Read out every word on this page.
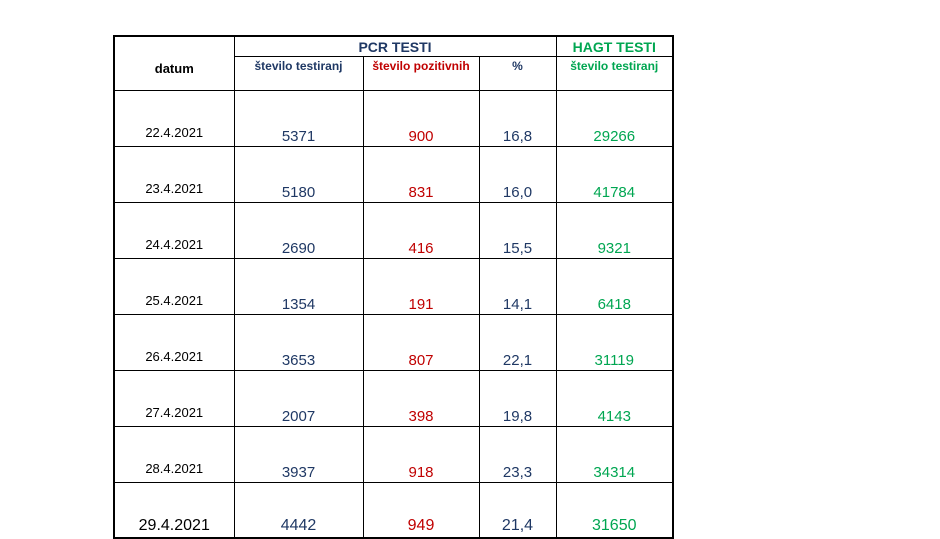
datum	PCR TESTI			HAGT TESTI
	število testiranj	število pozitivnih	%	število testiranj
22.4.2021	5371	900	16,8	29266
23.4.2021	5180	831	16,0	41784
24.4.2021	2690	416	15,5	9321
25.4.2021	1354	191	14,1	6418
26.4.2021	3653	807	22,1	31119
27.4.2021	2007	398	19,8	4143
28.4.2021	3937	918	23,3	34314
29.4.2021	4442	949	21,4	31650
